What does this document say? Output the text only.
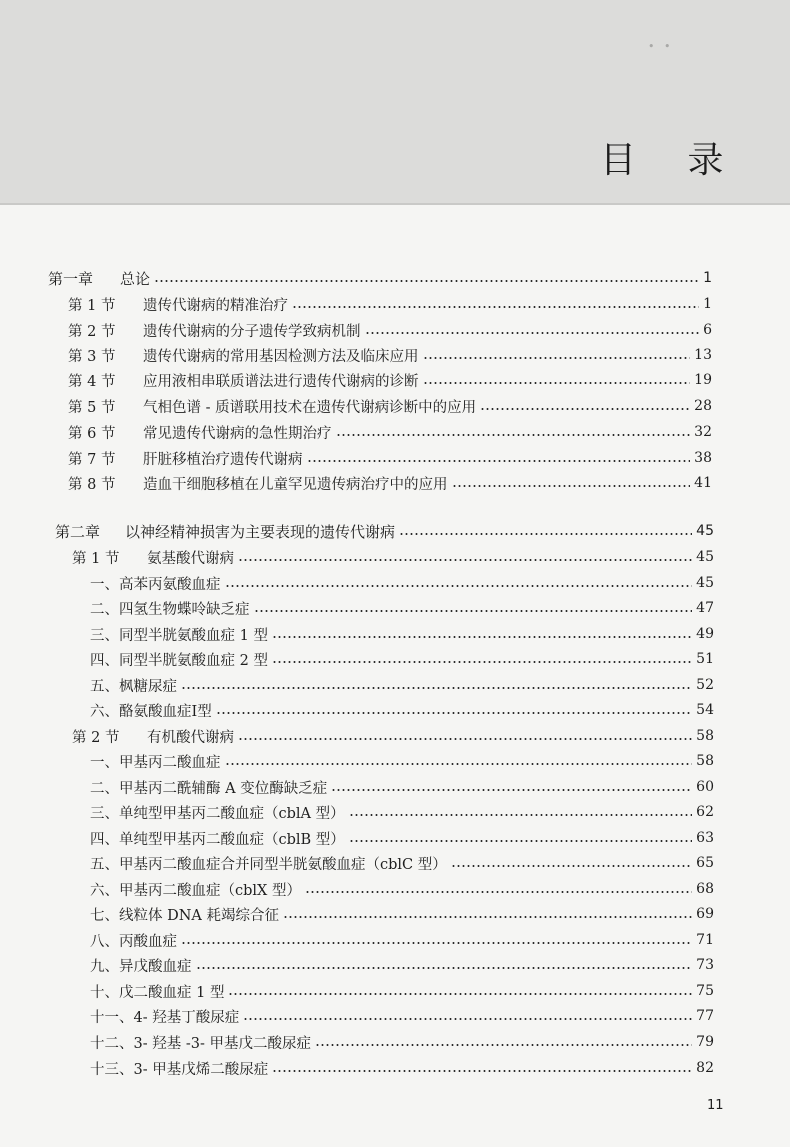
• •
目 录
第一章 总论	1
第 1 节 遗传代谢病的精准治疗	1
第 2 节 遗传代谢病的分子遗传学致病机制	6
第 3 节 遗传代谢病的常用基因检测方法及临床应用	13
第 4 节 应用液相串联质谱法进行遗传代谢病的诊断	19
第 5 节 气相色谱 - 质谱联用技术在遗传代谢病诊断中的应用	28
第 6 节 常见遗传代谢病的急性期治疗	32
第 7 节 肝脏移植治疗遗传代谢病	38
第 8 节 造血干细胞移植在儿童罕见遗传病治疗中的应用	41
第二章 以神经精神损害为主要表现的遗传代谢病	45
第 1 节 氨基酸代谢病	45
一、高苯丙氨酸血症	45
二、四氢生物蝶呤缺乏症	47
三、同型半胱氨酸血症 1 型	49
四、同型半胱氨酸血症 2 型	51
五、枫糖尿症	52
六、酪氨酸血症Ⅰ型	54
第 2 节 有机酸代谢病	58
一、甲基丙二酸血症	58
二、甲基丙二酰辅酶 A 变位酶缺乏症	60
三、单纯型甲基丙二酸血症（cblA 型）	62
四、单纯型甲基丙二酸血症（cblB 型）	63
五、甲基丙二酸血症合并同型半胱氨酸血症（cblC 型）	65
六、甲基丙二酸血症（cblX 型）	68
七、线粒体 DNA 耗竭综合征	69
八、丙酸血症	71
九、异戊酸血症	73
十、戊二酸血症 1 型	75
十一、4- 羟基丁酸尿症	77
十二、3- 羟基 -3- 甲基戊二酸尿症	79
十三、3- 甲基戊烯二酸尿症	82
11
